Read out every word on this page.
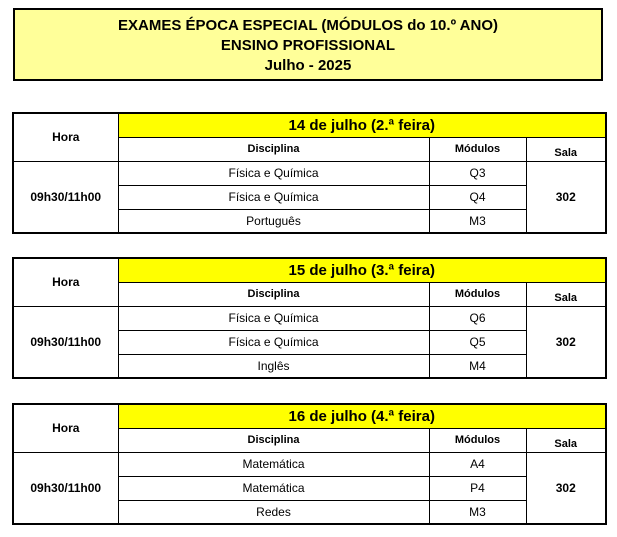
EXAMES ÉPOCA ESPECIAL (MÓDULOS do 10.º ANO)
ENSINO PROFISSIONAL
Julho - 2025
Hora	14 de julho (2.ª feira)		
	Disciplina	Módulos	Sala
09h30/11h00	Física e Química	Q3	302
	Física e Química	Q4	
	Português	M3	
Hora	15 de julho (3.ª feira)		
	Disciplina	Módulos	Sala
09h30/11h00	Física e Química	Q6	302
	Física e Química	Q5	
	Inglês	M4	
Hora	16 de julho (4.ª feira)		
	Disciplina	Módulos	Sala
09h30/11h00	Matemática	A4	302
	Matemática	P4	
	Redes	M3	
